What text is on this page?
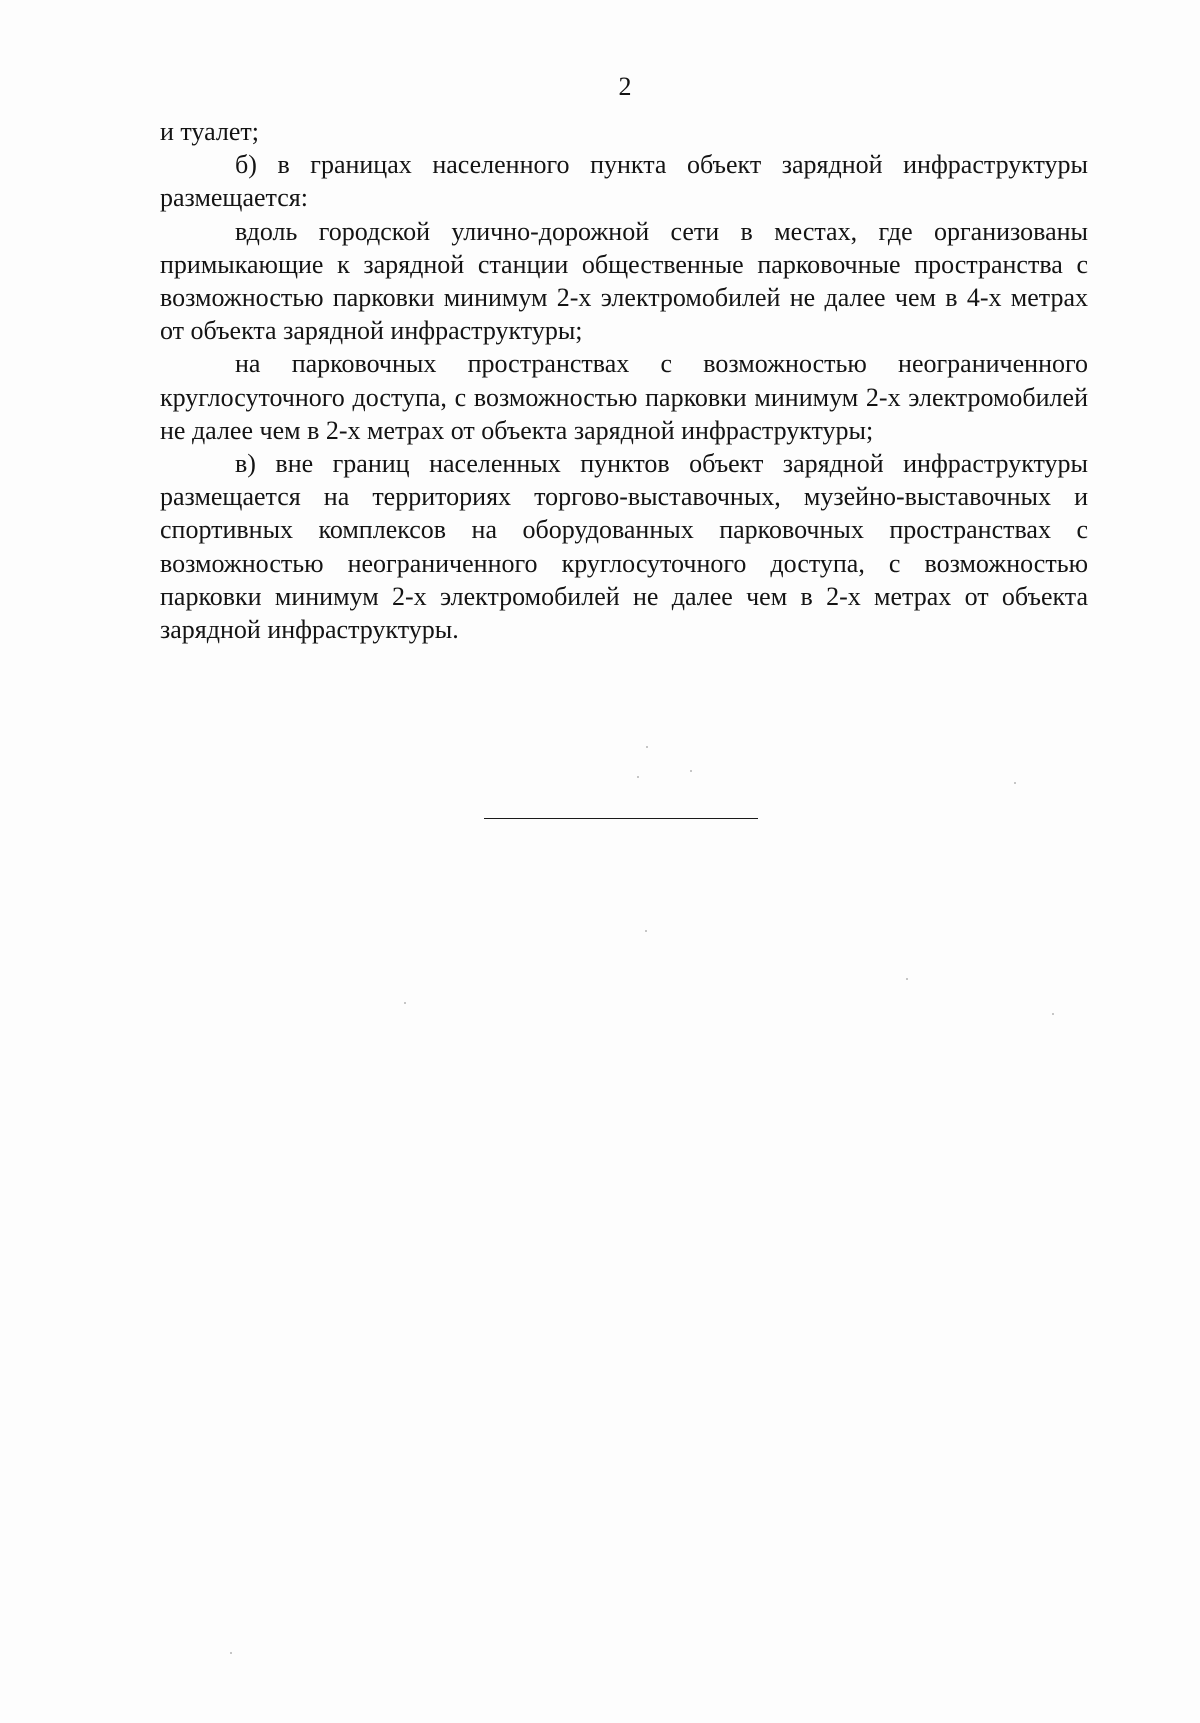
2

и туалет;

б) в границах населенного пункта объект зарядной инфраструктуры размещается:

вдоль городской улично-дорожной сети в местах, где организованы примыкающие к зарядной станции общественные парковочные пространства с возможностью парковки минимум 2-х электромобилей не далее чем в 4-х метрах от объекта зарядной инфраструктуры;

на парковочных пространствах с возможностью неограниченного круглосуточного доступа, с возможностью парковки минимум 2-х электромобилей не далее чем в 2-х метрах от объекта зарядной инфраструктуры;

в) вне границ населенных пунктов объект зарядной инфраструктуры размещается на территориях торгово-выставочных, музейно-выставочных и спортивных комплексов на оборудованных парковочных пространствах с возможностью неограниченного круглосуточного доступа, с возможностью парковки минимум 2-х электромобилей не далее чем в 2-х метрах от объекта зарядной инфраструктуры.
